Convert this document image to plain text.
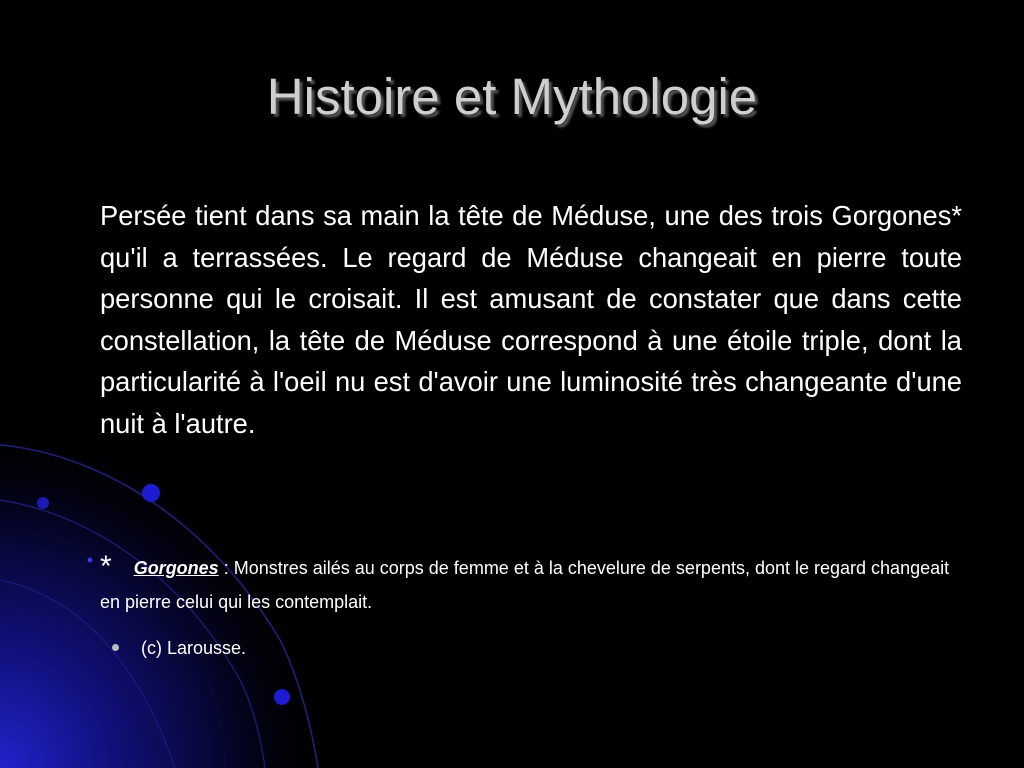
Histoire et Mythologie
Persée tient dans sa main la tête de Méduse, une des trois Gorgones* qu'il a terrassées. Le regard de Méduse changeait en pierre toute personne qui le croisait. Il est amusant de constater que dans cette constellation, la tête de Méduse correspond à une étoile triple, dont la particularité à l'oeil nu est d'avoir une luminosité très changeante d'une nuit à l'autre.
* Gorgones : Monstres ailés au corps de femme et à la chevelure de serpents, dont le regard changeait en pierre celui qui les contemplait.
(c) Larousse.
